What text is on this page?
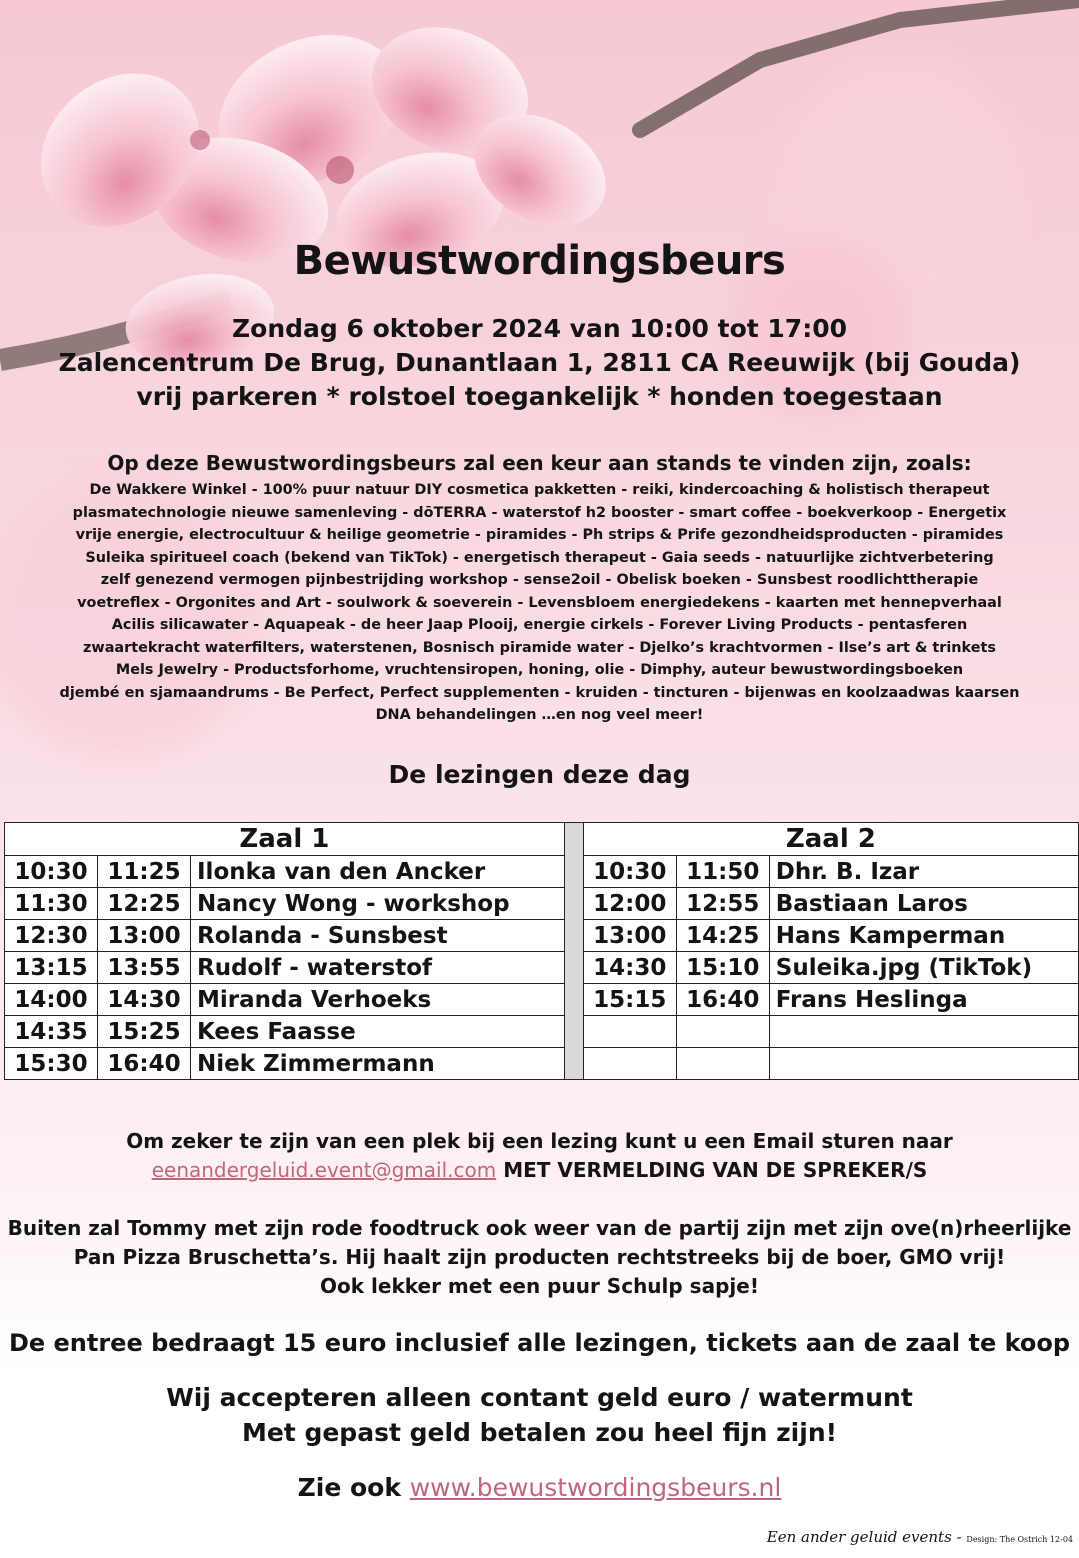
Bewustwordingsbeurs
Zondag 6 oktober 2024 van 10:00 tot 17:00
Zalencentrum De Brug, Dunantlaan 1, 2811 CA Reeuwijk (bij Gouda)
vrij parkeren * rolstoel toegankelijk * honden toegestaan
Op deze Bewustwordingsbeurs zal een keur aan stands te vinden zijn, zoals:
De Wakkere Winkel - 100% puur natuur DIY cosmetica pakketten - reiki, kindercoaching & holistisch therapeut
plasmatechnologie nieuwe samenleving - dōTERRA - waterstof h2 booster - smart coffee - boekverkoop - Energetix
vrije energie, electrocultuur & heilige geometrie - piramides - Ph strips & Prife gezondheidsproducten - piramides
Suleika spiritueel coach (bekend van TikTok) - energetisch therapeut - Gaia seeds - natuurlijke zichtverbetering
zelf genezend vermogen pijnbestrijding workshop - sense2oil - Obelisk boeken - Sunsbest roodlichttherapie
voetreflex - Orgonites and Art - soulwork & soeverein - Levensbloem energiedekens - kaarten met hennepverhaal
Acilis silicawater - Aquapeak - de heer Jaap Plooij, energie cirkels - Forever Living Products - pentasferen
zwaartekracht waterfilters, waterstenen, Bosnisch piramide water - Djelko’s krachtvormen - Ilse’s art & trinkets
Mels Jewelry - Productsforhome, vruchtensiropen, honing, olie - Dimphy, auteur bewustwordingsboeken
djembé en sjamaandrums - Be Perfect, Perfect supplementen - kruiden - tincturen - bijenwas en koolzaadwas kaarsen
DNA behandelingen …en nog veel meer!
De lezingen deze dag
Zaal 1				Zaal 2		
10:30	11:25	Ilonka van den Ancker		10:30	11:50	Dhr. B. Izar
11:30	12:25	Nancy Wong - workshop		12:00	12:55	Bastiaan Laros
12:30	13:00	Rolanda - Sunsbest		13:00	14:25	Hans Kamperman
13:15	13:55	Rudolf - waterstof		14:30	15:10	Suleika.jpg (TikTok)
14:00	14:30	Miranda Verhoeks		15:15	16:40	Frans Heslinga
14:35	15:25	Kees Faasse				
15:30	16:40	Niek Zimmermann				
Om zeker te zijn van een plek bij een lezing kunt u een Email sturen naar
eenandergeluid.event@gmail.com MET VERMELDING VAN DE SPREKER/S
Buiten zal Tommy met zijn rode foodtruck ook weer van de partij zijn met zijn ove(n)rheerlijke
Pan Pizza Bruschetta’s. Hij haalt zijn producten rechtstreeks bij de boer, GMO vrij!
Ook lekker met een puur Schulp sapje!
De entree bedraagt 15 euro inclusief alle lezingen, tickets aan de zaal te koop
Wij accepteren alleen contant geld euro / watermunt
Met gepast geld betalen zou heel fijn zijn!
Zie ook www.bewustwordingsbeurs.nl
Een ander geluid events - Design: The Ostrich 12-04
